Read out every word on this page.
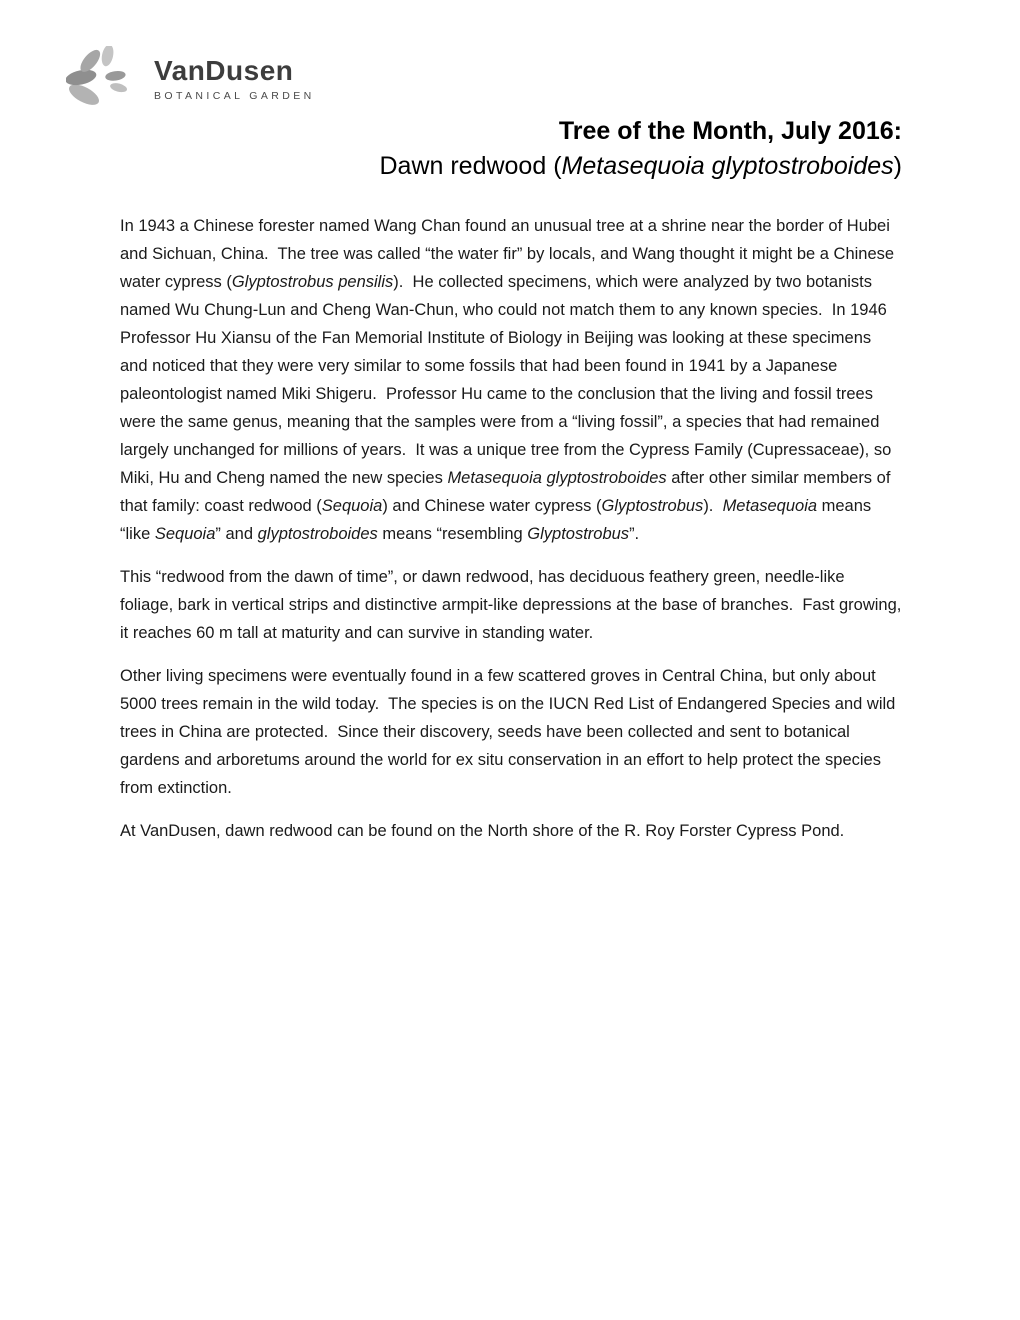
VanDusen
BOTANICAL GARDEN
Tree of the Month, July 2016:
Dawn redwood (Metasequoia glyptostroboides)

In 1943 a Chinese forester named Wang Chan found an unusual tree at a shrine near the border of Hubei and Sichuan, China.  The tree was called “the water fir” by locals, and Wang thought it might be a Chinese water cypress (Glyptostrobus pensilis).  He collected specimens, which were analyzed by two botanists named Wu Chung-Lun and Cheng Wan-Chun, who could not match them to any known species.  In 1946 Professor Hu Xiansu of the Fan Memorial Institute of Biology in Beijing was looking at these specimens and noticed that they were very similar to some fossils that had been found in 1941 by a Japanese paleontologist named Miki Shigeru.  Professor Hu came to the conclusion that the living and fossil trees were the same genus, meaning that the samples were from a “living fossil”, a species that had remained largely unchanged for millions of years.  It was a unique tree from the Cypress Family (Cupressaceae), so Miki, Hu and Cheng named the new species Metasequoia glyptostroboides after other similar members of that family: coast redwood (Sequoia) and Chinese water cypress (Glyptostrobus).  Metasequoia means “like Sequoia” and glyptostroboides means “resembling Glyptostrobus”.

This “redwood from the dawn of time”, or dawn redwood, has deciduous feathery green, needle-like foliage, bark in vertical strips and distinctive armpit-like depressions at the base of branches.  Fast growing, it reaches 60 m tall at maturity and can survive in standing water.

Other living specimens were eventually found in a few scattered groves in Central China, but only about 5000 trees remain in the wild today.  The species is on the IUCN Red List of Endangered Species and wild trees in China are protected.  Since their discovery, seeds have been collected and sent to botanical gardens and arboretums around the world for ex situ conservation in an effort to help protect the species from extinction.

At VanDusen, dawn redwood can be found on the North shore of the R. Roy Forster Cypress Pond.
